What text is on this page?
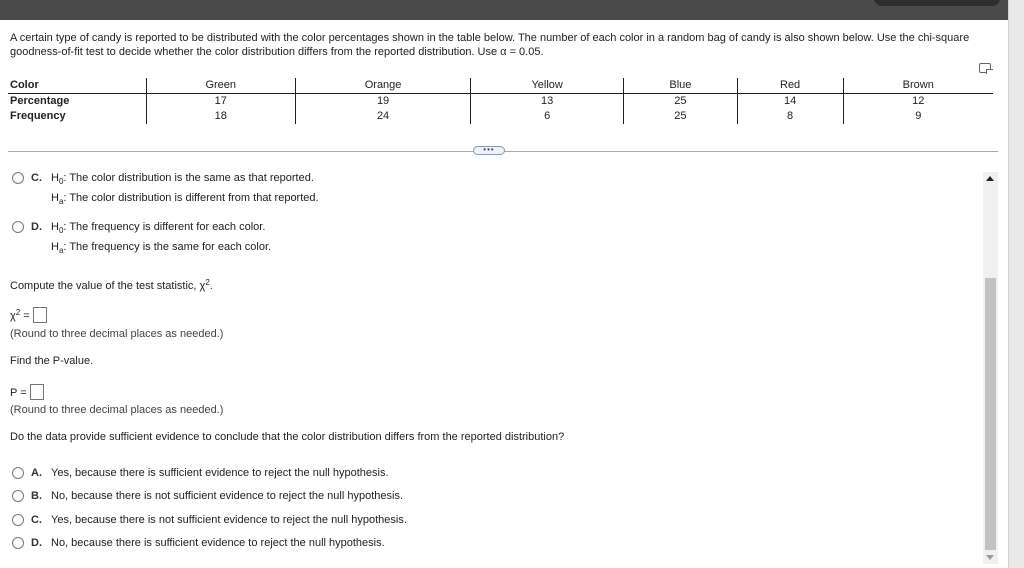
A certain type of candy is reported to be distributed with the color percentages shown in the table below. The number of each color in a random bag of candy is also shown below. Use the chi-square goodness-of-fit test to decide whether the color distribution differs from the reported distribution. Use α = 0.05.
Color	Green	Orange	Yellow	Blue	Red	Brown
Percentage	17	19	13	25	14	12
Frequency	18	24	6	25	8	9
•••
C. $H_0$: The color distribution is the same as that reported.
$H_a$: The color distribution is different from that reported.
D. $H_0$: The frequency is different for each color.
$H_a$: The frequency is the same for each color.
Compute the value of the test statistic, $\chi^2$.
$\chi^2$ =
(Round to three decimal places as needed.)
Find the P-value.
P =
(Round to three decimal places as needed.)
Do the data provide sufficient evidence to conclude that the color distribution differs from the reported distribution?
A. Yes, because there is sufficient evidence to reject the null hypothesis.
B. No, because there is not sufficient evidence to reject the null hypothesis.
C. Yes, because there is not sufficient evidence to reject the null hypothesis.
D. No, because there is sufficient evidence to reject the null hypothesis.
